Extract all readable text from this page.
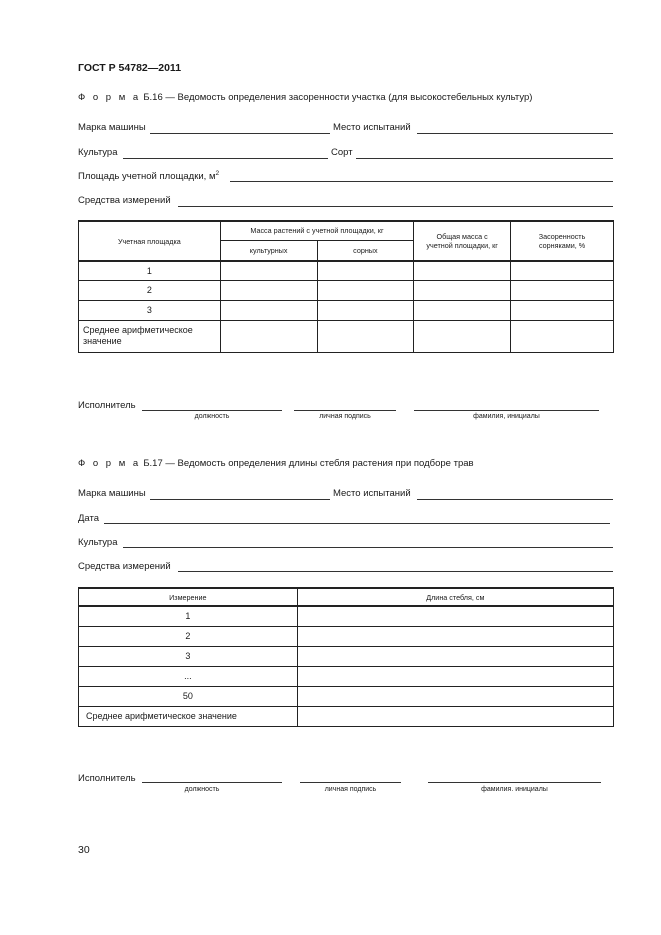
ГОСТ Р 54782—2011
Ф о р м а Б.16 — Ведомость определения засоренности участка (для высокостебельных культур)
Марка машины	Место испытаний
Культура	Сорт
Площадь учетной площадки, $м^2$
Средства измерений
Учетная площадка	Масса растений с учетной площадки, кг		Общая масса с учетной площадки, кг	Засоренность сорняками, %
	культурных	сорных		
1				
2				
3				
Среднее арифметическое значение				
Исполнитель
должность	личная подпись	фамилия, инициалы
Ф о р м а Б.17 — Ведомость определения длины стебля растения при подборе трав
Марка машины	Место испытаний
Дата
Культура
Средства измерений
Измерение	Длина стебля, см
1	
2	
3	
...	
50	
Среднее арифметическое значение	
Исполнитель
должность	личная подпись	фамилия. инициалы
30
